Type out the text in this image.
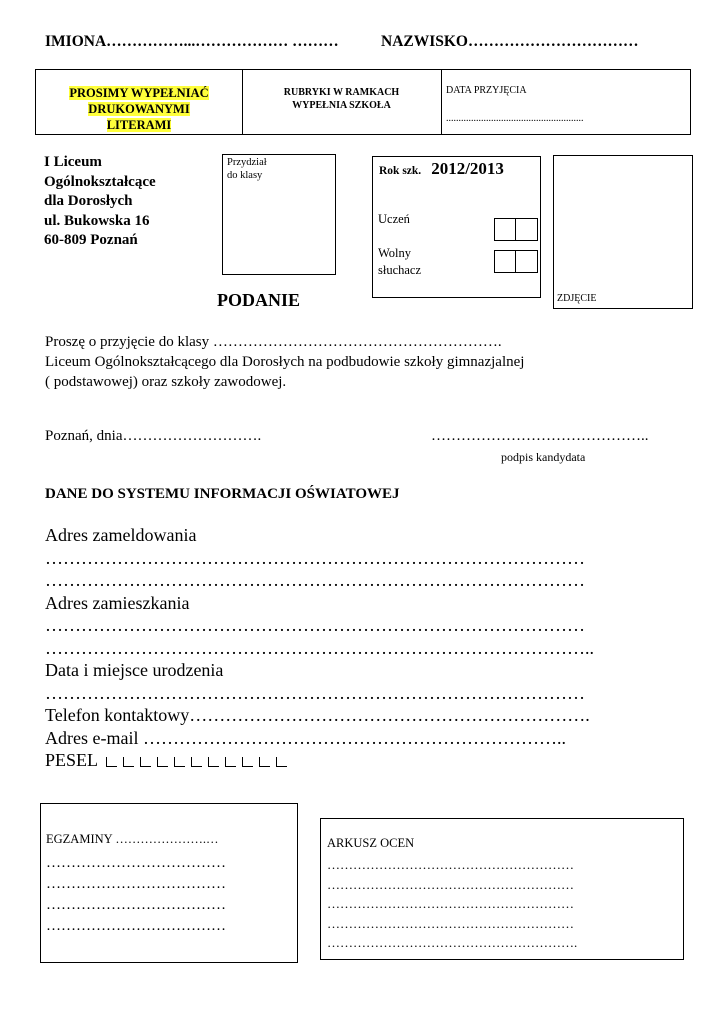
IMIONA……………...……………… ………	NAZWISKO……………………………
PROSIMY WYPEŁNIAĆ
DRUKOWANYMI
LITERAMI
RUBRYKI W RAMKACH
WYPEŁNIA SZKOŁA
DATA PRZYJĘCIA
.......................................................
I Liceum
Ogólnokształcące
dla Dorosłych
ul. Bukowska 16
60-809 Poznań
Przydział
do klasy	Rok szk. 2012/2013
Uczeń
Wolny
słuchacz
ZDJĘCIE
PODANIE
Proszę o przyjęcie do klasy ………………………………………………….
Liceum Ogólnokształcącego dla Dorosłych na podbudowie szkoły gimnazjalnej
( podstawowej) oraz szkoły zawodowej.
Poznań, dnia……………………….	……………………………………..
podpis kandydata
DANE DO SYSTEMU INFORMACJI OŚWIATOWEJ
Adres zameldowania
………………………………………………………………………………
………………………………………………………………………………
Adres zamieszkania
………………………………………………………………………………
………………………………………………………………………………..
Data i miejsce urodzenia
………………………………………………………………………………
Telefon kontaktowy………………………………………………………….
Adres e-mail ……………………………………………………………..
PESEL
EGZAMINY ………………….…
………………………………
………………………………
………………………………
………………………………
ARKUSZ OCEN
…………………………………………………
…………………………………………………
…………………………………………………
…………………………………………………
………………………………………………….
